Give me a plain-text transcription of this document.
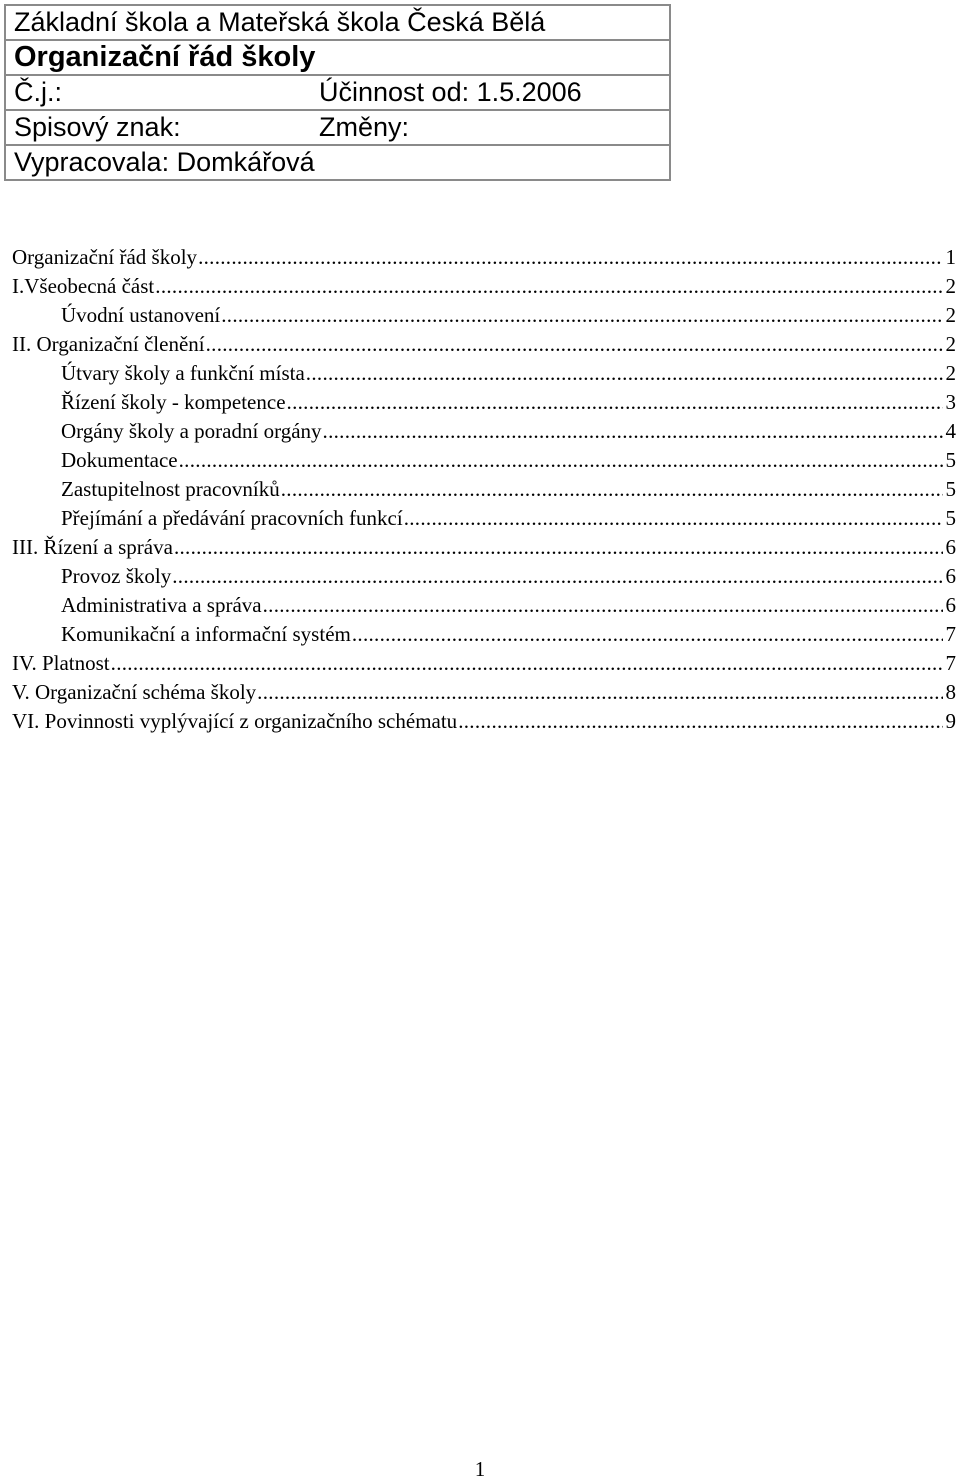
Základní škola a Mateřská škola Česká Bělá	
Organizační řád školy	
Č.j.:	Účinnost od: 1.5.2006
Spisový znak:	Změny:
Vypracovala: Domkářová	
Organizační řád školy .....	1
I.Všeobecná část .....	2
Úvodní ustanovení .....	2
II. Organizační členění .....	2
Útvary školy a funkční místa .....	2
Řízení školy - kompetence .....	3
Orgány školy a poradní orgány .....	4
Dokumentace .....	5
Zastupitelnost pracovníků .....	5
Přejímání a předávání pracovních funkcí .....	5
III. Řízení a správa .....	6
Provoz školy .....	6
Administrativa a správa .....	6
Komunikační a informační systém .....	7
IV. Platnost .....	7
V. Organizační schéma školy .....	8
VI. Povinnosti vyplývající z organizačního schématu .....	9
1
